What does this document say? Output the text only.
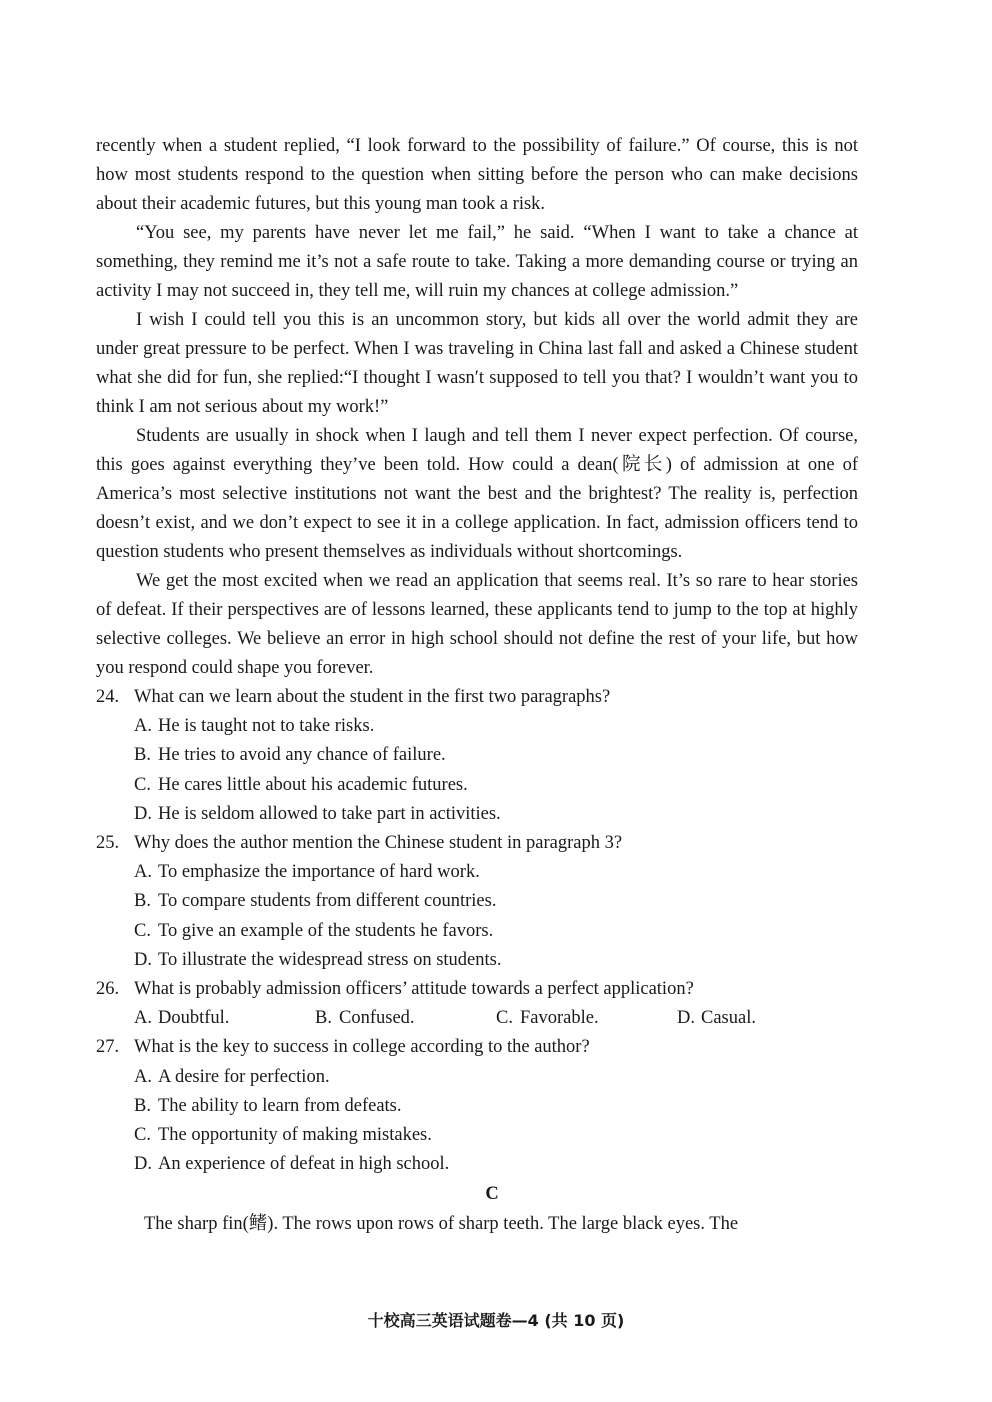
recently when a student replied, “I look forward to the possibility of failure.” Of course, this is not how most students respond to the question when sitting before the person who can make decisions about their academic futures, but this young man took a risk.

“You see, my parents have never let me fail,” he said. “When I want to take a chance at something, they remind me it’s not a safe route to take. Taking a more demanding course or trying an activity I may not succeed in, they tell me, will ruin my chances at college admission.”

I wish I could tell you this is an uncommon story, but kids all over the world admit they are under great pressure to be perfect. When I was traveling in China last fall and asked a Chinese student what she did for fun, she replied:“I thought I wasn′t supposed to tell you that? I wouldn’t want you to think I am not serious about my work!”

Students are usually in shock when I laugh and tell them I never expect perfection. Of course, this goes against everything they’ve been told. How could a dean(院长) of admission at one of America’s most selective institutions not want the best and the brightest? The reality is, perfection doesn’t exist, and we don’t expect to see it in a college application. In fact, admission officers tend to question students who present themselves as individuals without shortcomings.

We get the most excited when we read an application that seems real. It’s so rare to hear stories of defeat. If their perspectives are of lessons learned, these applicants tend to jump to the top at highly selective colleges. We believe an error in high school should not define the rest of your life, but how you respond could shape you forever.

24. What can we learn about the student in the first two paragraphs?
A. He is taught not to take risks.
B. He tries to avoid any chance of failure.
C. He cares little about his academic futures.
D. He is seldom allowed to take part in activities.
25. Why does the author mention the Chinese student in paragraph 3?
A. To emphasize the importance of hard work.
B. To compare students from different countries.
C. To give an example of the students he favors.
D. To illustrate the widespread stress on students.
26. What is probably admission officers’ attitude towards a perfect application?
A. Doubtful.	B. Confused.	C. Favorable.	D. Casual.
27. What is the key to success in college according to the author?
A. A desire for perfection.
B. The ability to learn from defeats.
C. The opportunity of making mistakes.
D. An experience of defeat in high school.
C

The sharp fin(鳍). The rows upon rows of sharp teeth. The large black eyes. The

十校高三英语试题卷—4 (共 10 页)
